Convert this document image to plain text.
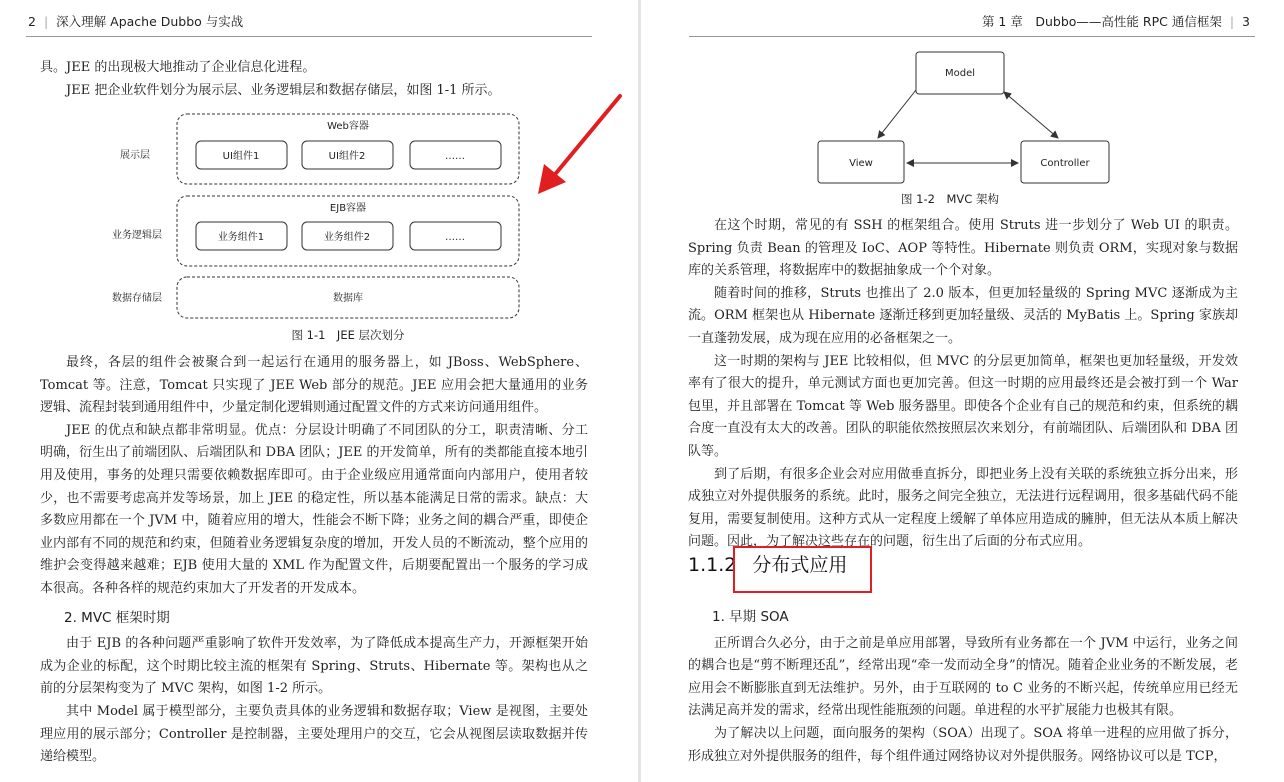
2 | 深入理解 Apache Dubbo 与实战

具。JEE 的出现极大地推动了企业信息化进程。

JEE 把企业软件划分为展示层、业务逻辑层和数据存储层，如图 1-1 所示。

展示层
业务逻辑层
数据存储层
Web容器
EJB容器
UI组件1	UI组件2	……
业务组件1	业务组件2	……
数据库
图 1-1　JEE 层次划分

最终，各层的组件会被聚合到一起运行在通用的服务器上，如 JBoss、WebSphere、Tomcat 等。注意，Tomcat 只实现了 JEE Web 部分的规范。JEE 应用会把大量通用的业务逻辑、流程封装到通用组件中，少量定制化逻辑则通过配置文件的方式来访问通用组件。

JEE 的优点和缺点都非常明显。优点：分层设计明确了不同团队的分工，职责清晰、分工明确，衍生出了前端团队、后端团队和 DBA 团队；JEE 的开发简单，所有的类都能直接本地引用及使用，事务的处理只需要依赖数据库即可。由于企业级应用通常面向内部用户，使用者较少，也不需要考虑高并发等场景，加上 JEE 的稳定性，所以基本能满足日常的需求。缺点：大多数应用都在一个 JVM 中，随着应用的增大，性能会不断下降；业务之间的耦合严重，即使企业内部有不同的规范和约束，但随着业务逻辑复杂度的增加，开发人员的不断流动，整个应用的维护会变得越来越难；EJB 使用大量的 XML 作为配置文件，后期要配置出一个服务的学习成本很高。各种各样的规范约束加大了开发者的开发成本。

2. MVC 框架时期

由于 EJB 的各种问题严重影响了软件开发效率，为了降低成本提高生产力，开源框架开始成为企业的标配，这个时期比较主流的框架有 Spring、Struts、Hibernate 等。架构也从之前的分层架构变为了 MVC 架构，如图 1-2 所示。

其中 Model 属于模型部分，主要负责具体的业务逻辑和数据存取；View 是视图，主要处理应用的展示部分；Controller 是控制器，主要处理用户的交互，它会从视图层读取数据并传递给模型。

第 1 章　Dubbo——高性能 RPC 通信框架 | 3
Model
View	Controller
图 1-2　MVC 架构

在这个时期，常见的有 SSH 的框架组合。使用 Struts 进一步划分了 Web UI 的职责。Spring 负责 Bean 的管理及 IoC、AOP 等特性。Hibernate 则负责 ORM，实现对象与数据库的关系管理，将数据库中的数据抽象成一个个对象。

随着时间的推移，Struts 也推出了 2.0 版本，但更加轻量级的 Spring MVC 逐渐成为主流。ORM 框架也从 Hibernate 逐渐迁移到更加轻量级、灵活的 MyBatis 上。Spring 家族却一直蓬勃发展，成为现在应用的必备框架之一。

这一时期的架构与 JEE 比较相似，但 MVC 的分层更加简单，框架也更加轻量级，开发效率有了很大的提升，单元测试方面也更加完善。但这一时期的应用最终还是会被打到一个 War 包里，并且部署在 Tomcat 等 Web 服务器里。即使各个企业有自己的规范和约束，但系统的耦合度一直没有太大的改善。团队的职能依然按照层次来划分，有前端团队、后端团队和 DBA 团队等。

到了后期，有很多企业会对应用做垂直拆分，即把业务上没有关联的系统独立拆分出来，形成独立对外提供服务的系统。此时，服务之间完全独立，无法进行远程调用，很多基础代码不能复用，需要复制使用。这种方式从一定程度上缓解了单体应用造成的臃肿，但无法从本质上解决问题。因此，为了解决这些存在的问题，衍生出了后面的分布式应用。

1.1.2 分布式应用

1. 早期 SOA

正所谓合久必分，由于之前是单应用部署，导致所有业务都在一个 JVM 中运行，业务之间的耦合也是“剪不断理还乱”，经常出现“牵一发而动全身”的情况。随着企业业务的不断发展，老应用会不断膨胀直到无法维护。另外，由于互联网的 to C 业务的不断兴起，传统单应用已经无法满足高并发的需求，经常出现性能瓶颈的问题。单进程的水平扩展能力也极其有限。

为了解决以上问题，面向服务的架构（SOA）出现了。SOA 将单一进程的应用做了拆分，形成独立对外提供服务的组件，每个组件通过网络协议对外提供服务。网络协议可以是 TCP，
